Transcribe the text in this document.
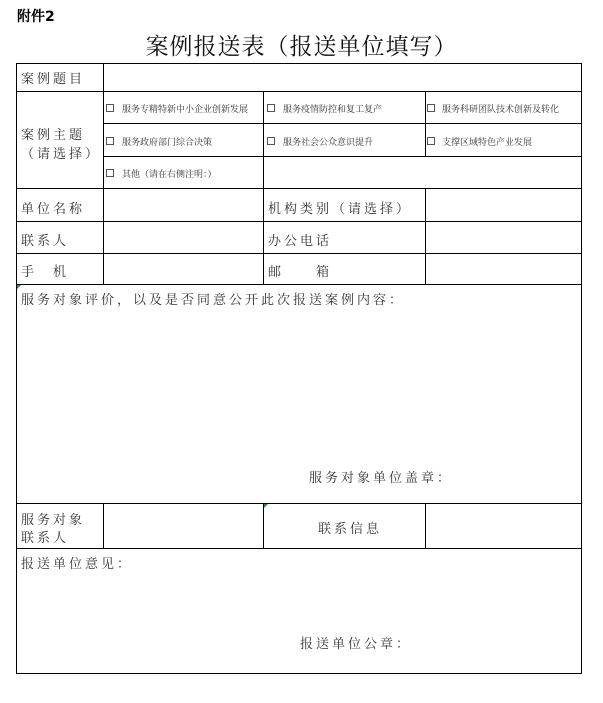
附件2
案例报送表（报送单位填写）
案例题目
案例主题
（请选择）
服务专精特新中小企业创新发展	服务疫情防控和复工复产	服务科研团队技术创新及转化
服务政府部门综合决策	服务社会公众意识提升	支撑区域特色产业发展
其他（请在右侧注明：）
单位名称	机构类别（请选择）
联系人	办公电话
手　机	邮　　箱
服务对象评价，以及是否同意公开此次报送案例内容：
服务对象单位盖章：
服务对象
联系人
联系信息
报送单位意见：
报送单位公章：
